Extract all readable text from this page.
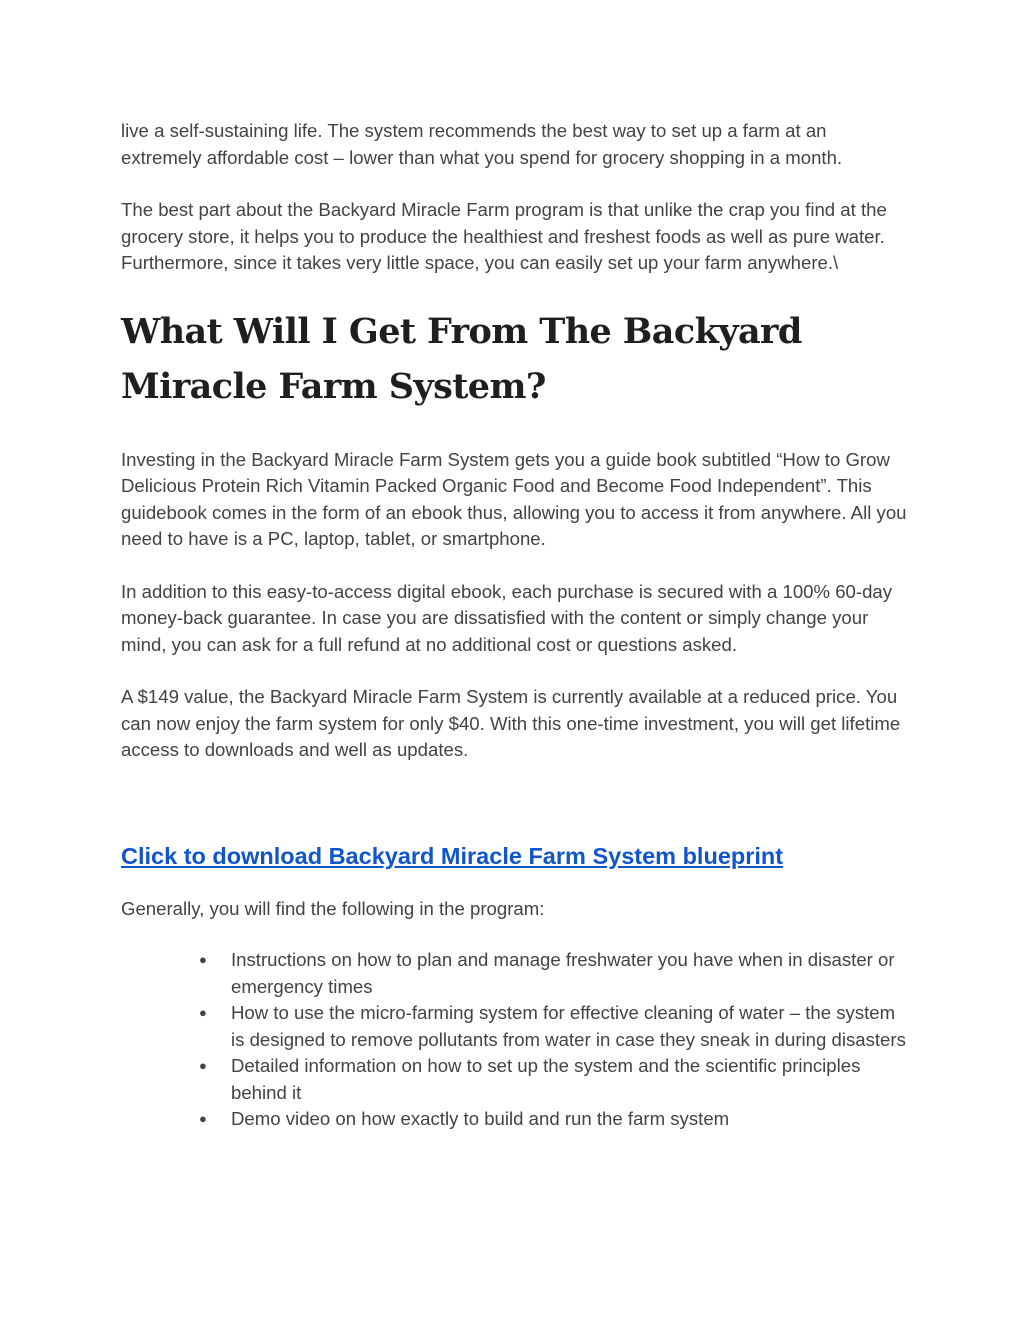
live a self-sustaining life. The system recommends the best way to set up a farm at an extremely affordable cost – lower than what you spend for grocery shopping in a month.

The best part about the Backyard Miracle Farm program is that unlike the crap you find at the grocery store, it helps you to produce the healthiest and freshest foods as well as pure water. Furthermore, since it takes very little space, you can easily set up your farm anywhere.\

What Will I Get From The Backyard Miracle Farm System?

Investing in the Backyard Miracle Farm System gets you a guide book subtitled “How to Grow Delicious Protein Rich Vitamin Packed Organic Food and Become Food Independent”. This guidebook comes in the form of an ebook thus, allowing you to access it from anywhere. All you need to have is a PC, laptop, tablet, or smartphone.

In addition to this easy-to-access digital ebook, each purchase is secured with a 100% 60-day money-back guarantee. In case you are dissatisfied with the content or simply change your mind, you can ask for a full refund at no additional cost or questions asked.

A $149 value, the Backyard Miracle Farm System is currently available at a reduced price. You can now enjoy the farm system for only $40. With this one-time investment, you will get lifetime access to downloads and well as updates.

Click to download Backyard Miracle Farm System blueprint

Generally, you will find the following in the program:

● Instructions on how to plan and manage freshwater you have when in disaster or emergency times
● How to use the micro-farming system for effective cleaning of water – the system is designed to remove pollutants from water in case they sneak in during disasters
● Detailed information on how to set up the system and the scientific principles behind it
● Demo video on how exactly to build and run the farm system
